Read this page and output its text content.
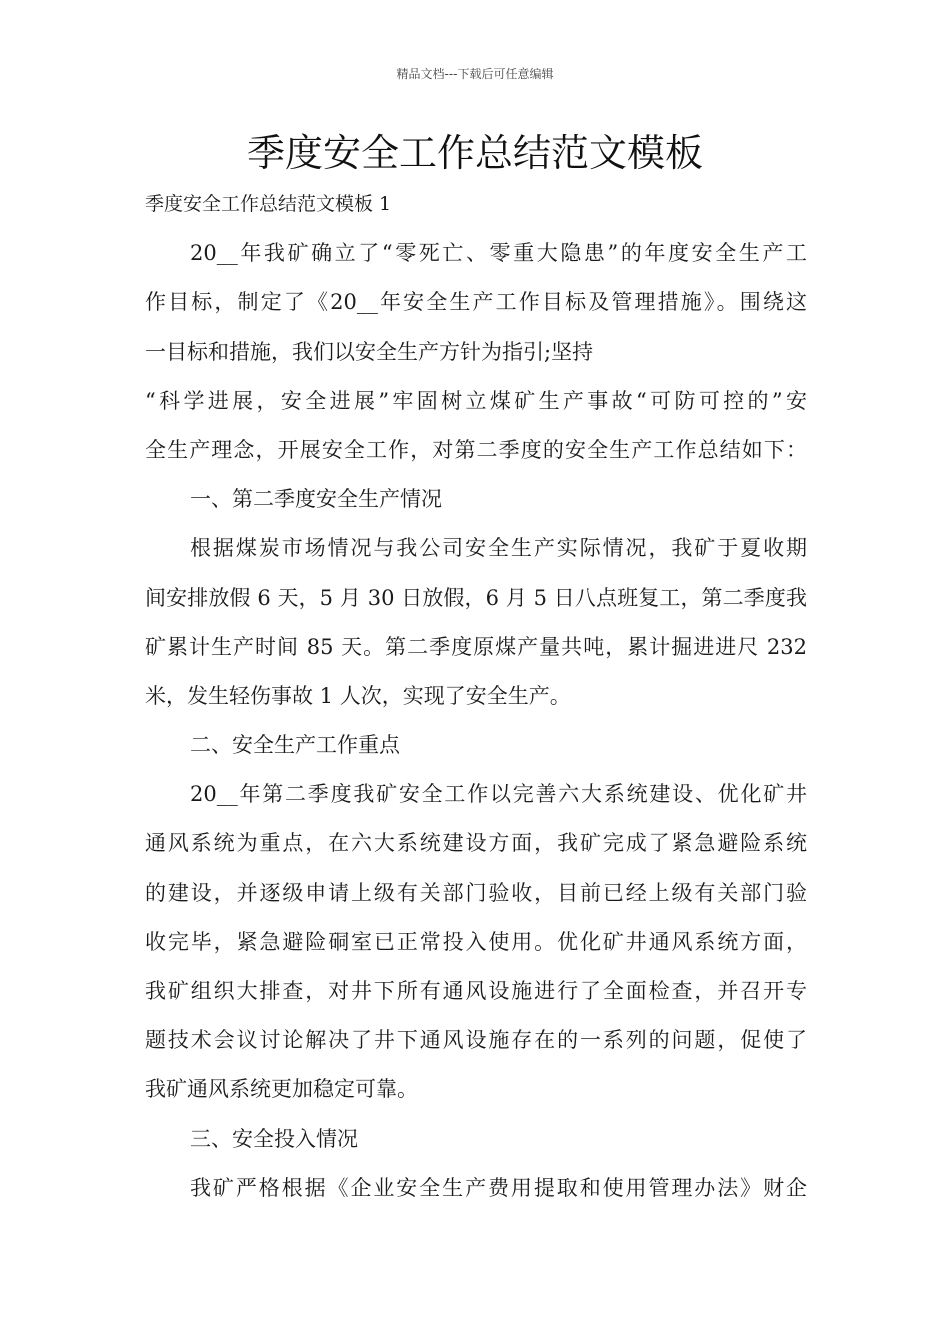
精品文档---下载后可任意编辑
季度安全工作总结范文模板
季度安全工作总结范文模板 1
20__年我矿确立了“零死亡、零重大隐患”的年度安全生产工
作目标，制定了《20__年安全生产工作目标及管理措施》。围绕这
一目标和措施，我们以安全生产方针为指引;坚持
“科学进展，安全进展”牢固树立煤矿生产事故“可防可控的”安
全生产理念，开展安全工作，对第二季度的安全生产工作总结如下：
一、第二季度安全生产情况
根据煤炭市场情况与我公司安全生产实际情况，我矿于夏收期
间安排放假 6 天，5 月 30 日放假，6 月 5 日八点班复工，第二季度我
矿累计生产时间 85 天。第二季度原煤产量共吨，累计掘进进尺 232
米，发生轻伤事故 1 人次，实现了安全生产。
二、安全生产工作重点
20__年第二季度我矿安全工作以完善六大系统建设、优化矿井
通风系统为重点，在六大系统建设方面，我矿完成了紧急避险系统
的建设，并逐级申请上级有关部门验收，目前已经上级有关部门验
收完毕，紧急避险硐室已正常投入使用。优化矿井通风系统方面，
我矿组织大排查，对井下所有通风设施进行了全面检查，并召开专
题技术会议讨论解决了井下通风设施存在的一系列的问题，促使了
我矿通风系统更加稳定可靠。
三、安全投入情况
我矿严格根据《企业安全生产费用提取和使用管理办法》财企
